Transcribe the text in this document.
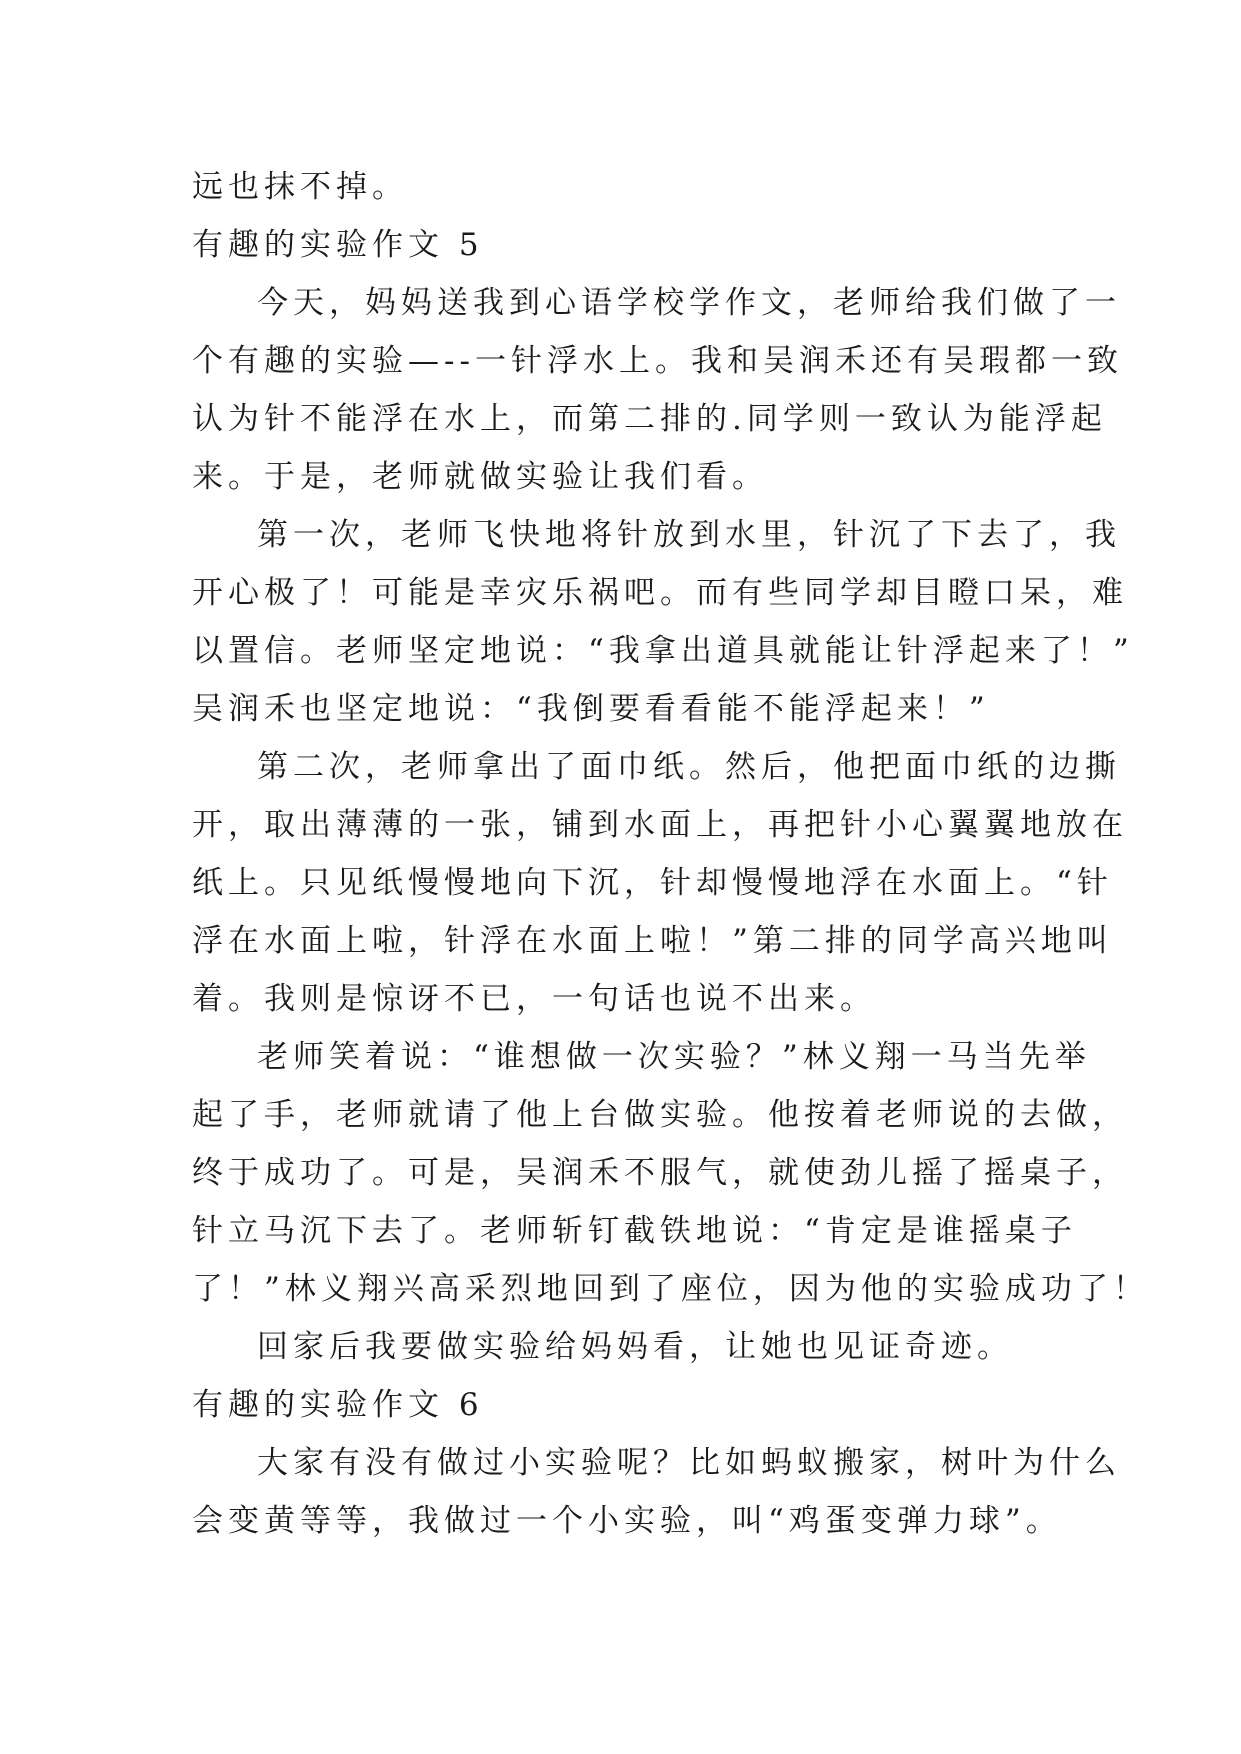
远也抹不掉。
有趣的实验作文 5
今天，妈妈送我到心语学校学作文，老师给我们做了一
个有趣的实验—--一针浮水上。我和吴润禾还有吴瑕都一致
认为针不能浮在水上，而第二排的.同学则一致认为能浮起
来。于是，老师就做实验让我们看。
第一次，老师飞快地将针放到水里，针沉了下去了，我
开心极了！可能是幸灾乐祸吧。而有些同学却目瞪口呆，难
以置信。老师坚定地说：“我拿出道具就能让针浮起来了！”
吴润禾也坚定地说：“我倒要看看能不能浮起来！”
第二次，老师拿出了面巾纸。然后，他把面巾纸的边撕
开，取出薄薄的一张，铺到水面上，再把针小心翼翼地放在
纸上。只见纸慢慢地向下沉，针却慢慢地浮在水面上。“针
浮在水面上啦，针浮在水面上啦！”第二排的同学高兴地叫
着。我则是惊讶不已，一句话也说不出来。
老师笑着说：“谁想做一次实验？”林义翔一马当先举
起了手，老师就请了他上台做实验。他按着老师说的去做，
终于成功了。可是，吴润禾不服气，就使劲儿摇了摇桌子，
针立马沉下去了。老师斩钉截铁地说：“肯定是谁摇桌子
了！”林义翔兴高采烈地回到了座位，因为他的实验成功了！
回家后我要做实验给妈妈看，让她也见证奇迹。
有趣的实验作文 6
大家有没有做过小实验呢？比如蚂蚁搬家，树叶为什么
会变黄等等，我做过一个小实验，叫“鸡蛋变弹力球”。
